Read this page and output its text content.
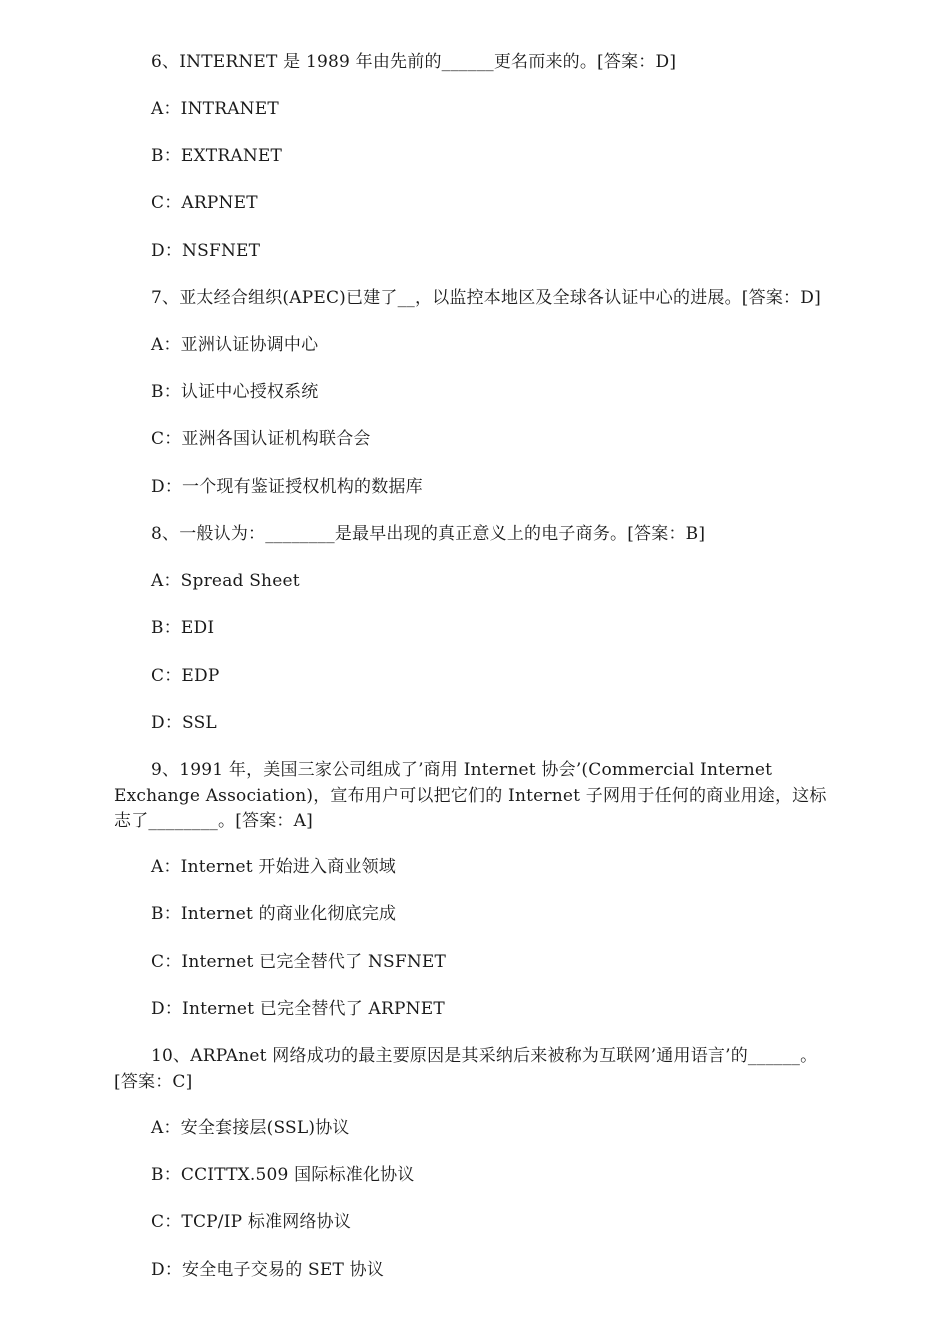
6、INTERNET 是 1989 年由先前的______更名而来的。[答案：D]
A：INTRANET
B：EXTRANET
C：ARPNET
D：NSFNET
7、亚太经合组织(APEC)已建了__，以监控本地区及全球各认证中心的进展。[答案：D]
A：亚洲认证协调中心
B：认证中心授权系统
C：亚洲各国认证机构联合会
D：一个现有鉴证授权机构的数据库
8、一般认为：________是最早出现的真正意义上的电子商务。[答案：B]
A：Spread Sheet
B：EDI
C：EDP
D：SSL
9、1991 年，美国三家公司组成了’商用 Internet 协会’(Commercial Internet
Exchange Association)，宣布用户可以把它们的 Internet 子网用于任何的商业用途，这标
志了________。[答案：A]
A：Internet 开始进入商业领域
B：Internet 的商业化彻底完成
C：Internet 已完全替代了 NSFNET
D：Internet 已完全替代了 ARPNET
10、ARPAnet 网络成功的最主要原因是其采纳后来被称为互联网’通用语言’的______。
[答案：C]
A：安全套接层(SSL)协议
B：CCITTX.509 国际标准化协议
C：TCP/IP 标准网络协议
D：安全电子交易的 SET 协议
